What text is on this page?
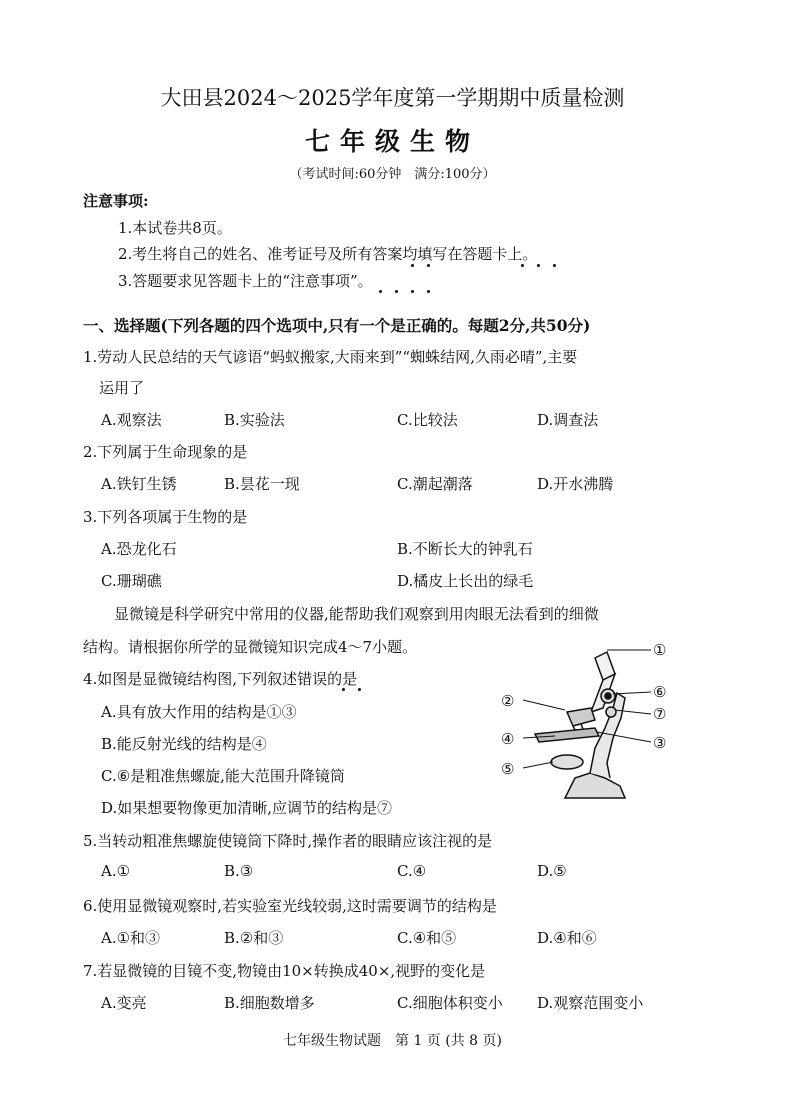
大田县2024～2025学年度第一学期期中质量检测
七年级生物
（考试时间:60分钟　满分:100分）
注意事项:
1.本试卷共8页。
2.考生将自己的姓名、准考证号及所有答案均填写在答题卡上。
3.答题要求见答题卡上的“注意事项”。
一、选择题(下列各题的四个选项中,只有一个是正确的。每题2分,共50分)
1.劳动人民总结的天气谚语“蚂蚁搬家,大雨来到”“蜘蛛结网,久雨必晴”,主要
运用了
A.观察法	B.实验法	C.比较法	D.调查法
2.下列属于生命现象的是
A.铁钉生锈	B.昙花一现	C.潮起潮落	D.开水沸腾
3.下列各项属于生物的是
A.恐龙化石	B.不断长大的钟乳石
C.珊瑚礁	D.橘皮上长出的绿毛
显微镜是科学研究中常用的仪器,能帮助我们观察到用肉眼无法看到的细微
结构。请根据你所学的显微镜知识完成4～7小题。
4.如图是显微镜结构图,下列叙述错误的是
A.具有放大作用的结构是①③
B.能反射光线的结构是④
C.⑥是粗准焦螺旋,能大范围升降镜筒
D.如果想要物像更加清晰,应调节的结构是⑦
①
②
③
④
⑤
⑥
⑦
5.当转动粗准焦螺旋使镜筒下降时,操作者的眼睛应该注视的是
A.①	B.③	C.④	D.⑤
6.使用显微镜观察时,若实验室光线较弱,这时需要调节的结构是
A.①和③	B.②和③	C.④和⑤	D.④和⑥
7.若显微镜的目镜不变,物镜由10×转换成40×,视野的变化是
A.变亮	B.细胞数增多	C.细胞体积变小 D.观察范围变小
七年级生物试题　第 1 页 (共 8 页)
